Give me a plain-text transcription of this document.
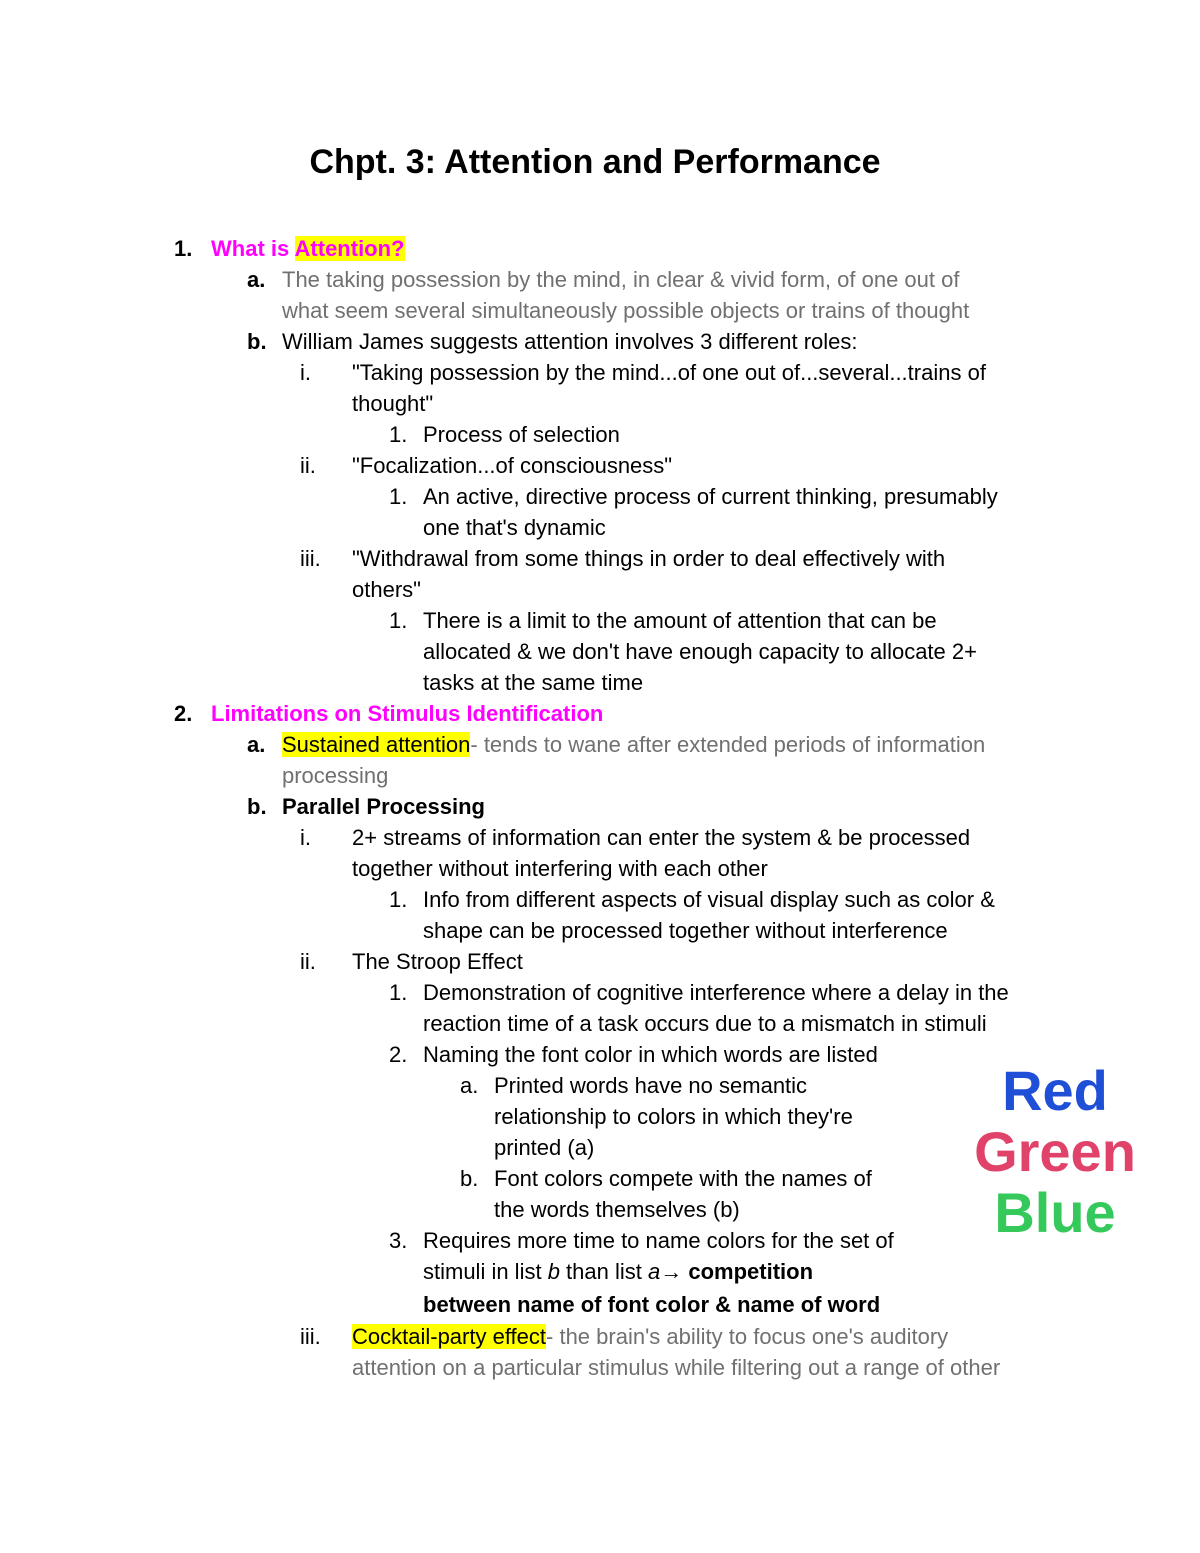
Chpt. 3: Attention and Performance
1. What is Attention?
a. The taking possession by the mind, in clear & vivid form, of one out of
what seem several simultaneously possible objects or trains of thought
b. William James suggests attention involves 3 different roles:
i. "Taking possession by the mind...of one out of...several...trains of
thought"
1. Process of selection
ii. "Focalization...of consciousness"
1. An active, directive process of current thinking, presumably
one that's dynamic
iii. "Withdrawal from some things in order to deal effectively with
others"
1. There is a limit to the amount of attention that can be
allocated & we don't have enough capacity to allocate 2+
tasks at the same time
2. Limitations on Stimulus Identification
a. Sustained attention- tends to wane after extended periods of information
processing
b. Parallel Processing
i. 2+ streams of information can enter the system & be processed
together without interfering with each other
1. Info from different aspects of visual display such as color &
shape can be processed together without interference
ii. The Stroop Effect
1. Demonstration of cognitive interference where a delay in the
reaction time of a task occurs due to a mismatch in stimuli
2. Naming the font color in which words are listed
a. Printed words have no semantic
relationship to colors in which they're
printed (a)
b. Font colors compete with the names of
the words themselves (b)
3. Requires more time to name colors for the set of
stimuli in list b than list a→ competition
between name of font color & name of word
iii. Cocktail-party effect- the brain's ability to focus one's auditory
attention on a particular stimulus while filtering out a range of other
Red
Green
Blue
